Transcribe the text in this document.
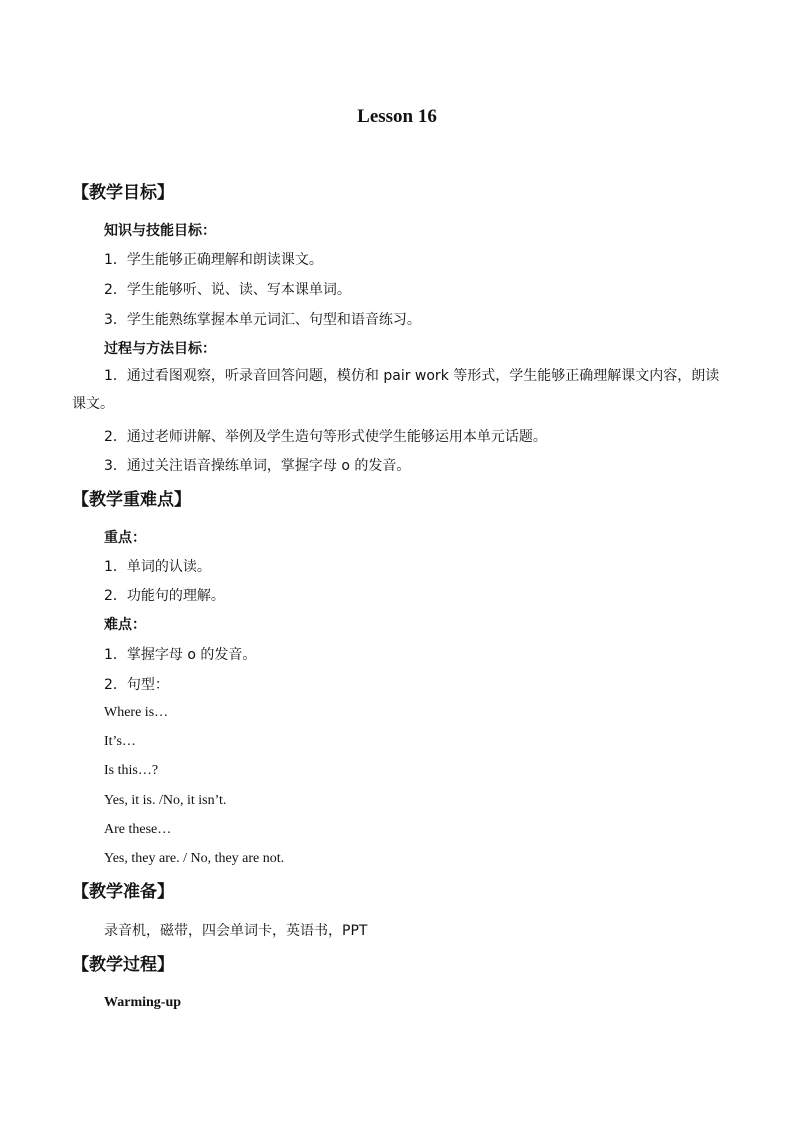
Lesson 16
【教学目标】
知识与技能目标：
1．学生能够正确理解和朗读课文。
2．学生能够听、说、读、写本课单词。
3．学生能熟练掌握本单元词汇、句型和语音练习。
过程与方法目标：
1．通过看图观察，听录音回答问题，模仿和 pair work 等形式，学生能够正确理解课文内容，朗读课文。
2．通过老师讲解、举例及学生造句等形式使学生能够运用本单元话题。
3．通过关注语音操练单词，掌握字母 o 的发音。
【教学重难点】
重点：
1．单词的认读。
2．功能句的理解。
难点：
1．掌握字母 o 的发音。
2．句型：
Where is…
It’s…
Is this…?
Yes, it is. /No, it isn’t.
Are these…
Yes, they are. / No, they are not.
【教学准备】
录音机，磁带，四会单词卡，英语书，PPT
【教学过程】
Warming-up
